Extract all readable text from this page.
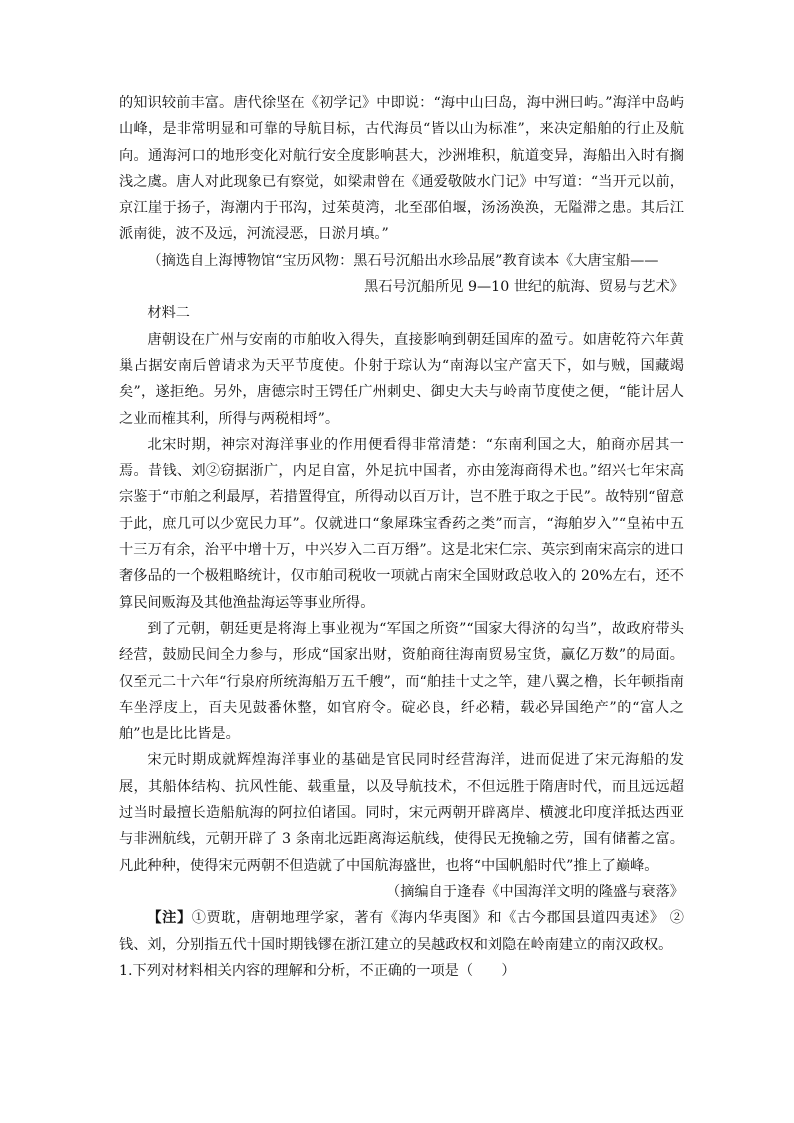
的知识较前丰富。唐代徐坚在《初学记》中即说：“海中山曰岛，海中洲曰屿。”海洋中岛屿山峰，是非常明显和可靠的导航目标，古代海员“皆以山为标准”，来决定船舶的行止及航向。通海河口的地形变化对航行安全度影响甚大，沙洲堆积，航道变异，海船出入时有搁浅之虞。唐人对此现象已有察觉，如梁肃曾在《通爱敬陂水门记》中写道：“当开元以前，京江崖于扬子，海潮内于邗沟，过茱萸湾，北至邵伯堰，汤汤涣涣，无隘滞之患。其后江派南徙，波不及远，河流浸恶，日淤月填。”

（摘选自上海博物馆“宝历风物：黑石号沉船出水珍品展”教育读本《大唐宝船——

黑石号沉船所见 9—10 世纪的航海、贸易与艺术》

材料二

唐朝设在广州与安南的市舶收入得失，直接影响到朝廷国库的盈亏。如唐乾符六年黄巢占据安南后曾请求为天平节度使。仆射于琮认为“南海以宝产富天下，如与贼，国藏竭矣”，遂拒绝。另外，唐德宗时王锷任广州刺史、御史大夫与岭南节度使之便，“能计居人之业而榷其利，所得与两税相埒”。

北宋时期，神宗对海洋事业的作用便看得非常清楚：“东南利国之大，舶商亦居其一焉。昔钱、刘②窃据浙广，内足自富，外足抗中国者，亦由笼海商得术也。”绍兴七年宋高宗鉴于“市舶之利最厚，若措置得宜，所得动以百万计，岂不胜于取之于民”。故特别“留意于此，庶几可以少宽民力耳”。仅就进口“象犀珠宝香药之类”而言，“海舶岁入”“皇祐中五十三万有余，治平中增十万，中兴岁入二百万缗”。这是北宋仁宗、英宗到南宋高宗的进口奢侈品的一个极粗略统计，仅市舶司税收一项就占南宋全国财政总收入的 20%左右，还不算民间贩海及其他渔盐海运等事业所得。

到了元朝，朝廷更是将海上事业视为“军国之所资”“国家大得济的勾当”，故政府带头经营，鼓励民间全力参与，形成“国家出财，资舶商往海南贸易宝货，赢亿万数”的局面。仅至元二十六年“行泉府所统海船万五千艘”，而“舶挂十丈之竿，建八翼之橹，长年顿指南车坐浮庋上，百夫见鼓番休整，如官府令。碇必良，纤必精，载必异国绝产”的“富人之舶”也是比比皆是。

宋元时期成就辉煌海洋事业的基础是官民同时经营海洋，进而促进了宋元海船的发展，其船体结构、抗风性能、载重量，以及导航技术，不但远胜于隋唐时代，而且远远超过当时最擅长造船航海的阿拉伯诸国。同时，宋元两朝开辟离岸、横渡北印度洋抵达西亚与非洲航线，元朝开辟了 3 条南北远距离海运航线，使得民无挽输之劳，国有储蓄之富。凡此种种，使得宋元两朝不但造就了中国航海盛世，也将“中国帆船时代”推上了巅峰。

（摘编自于逢春《中国海洋文明的隆盛与衰落》

【注】①贾耽，唐朝地理学家，著有《海内华夷图》和《古今郡国县道四夷述》 ②钱、刘，分别指五代十国时期钱镠在浙江建立的吴越政权和刘隐在岭南建立的南汉政权。

1.下列对材料相关内容的理解和分析，不正确的一项是（　　）
